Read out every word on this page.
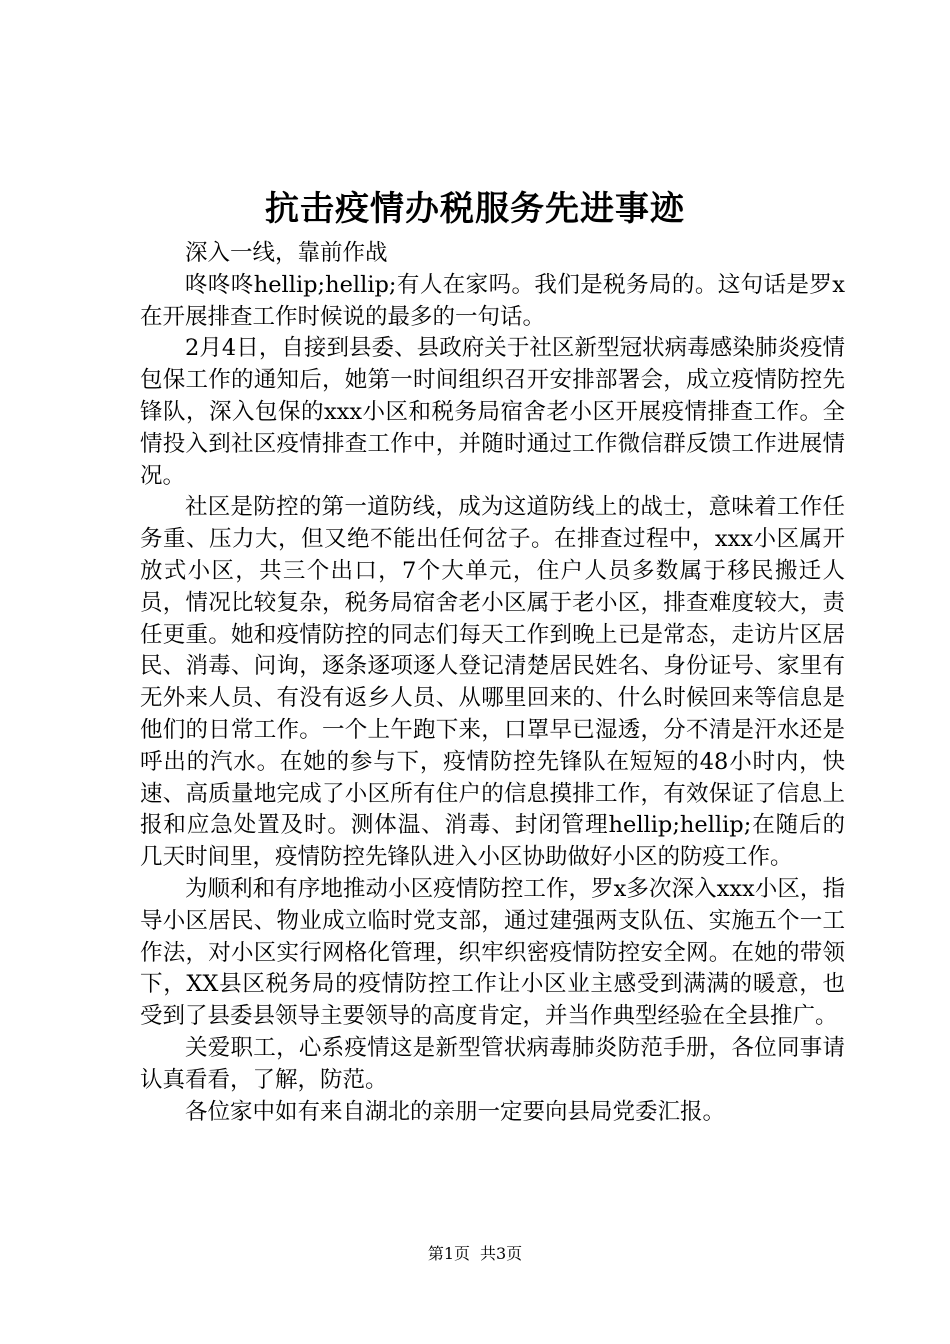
抗击疫情办税服务先进事迹

深入一线，靠前作战

咚咚咚hellip;hellip;有人在家吗。我们是税务局的。这句话是罗x在开展排查工作时候说的最多的一句话。

2月4日，自接到县委、县政府关于社区新型冠状病毒感染肺炎疫情包保工作的通知后，她第一时间组织召开安排部署会，成立疫情防控先锋队，深入包保的xxx小区和税务局宿舍老小区开展疫情排查工作。全情投入到社区疫情排查工作中，并随时通过工作微信群反馈工作进展情况。

社区是防控的第一道防线，成为这道防线上的战士，意味着工作任务重、压力大，但又绝不能出任何岔子。在排查过程中，xxx小区属开放式小区，共三个出口，7个大单元，住户人员多数属于移民搬迁人员，情况比较复杂，税务局宿舍老小区属于老小区，排查难度较大，责任更重。她和疫情防控的同志们每天工作到晚上已是常态，走访片区居民、消毒、问询，逐条逐项逐人登记清楚居民姓名、身份证号、家里有无外来人员、有没有返乡人员、从哪里回来的、什么时候回来等信息是他们的日常工作。一个上午跑下来，口罩早已湿透，分不清是汗水还是呼出的汽水。在她的参与下，疫情防控先锋队在短短的48小时内，快速、高质量地完成了小区所有住户的信息摸排工作，有效保证了信息上报和应急处置及时。测体温、消毒、封闭管理hellip;hellip;在随后的几天时间里，疫情防控先锋队进入小区协助做好小区的防疫工作。

为顺利和有序地推动小区疫情防控工作，罗x多次深入xxx小区，指导小区居民、物业成立临时党支部，通过建强两支队伍、实施五个一工作法，对小区实行网格化管理，织牢织密疫情防控安全网。在她的带领下，XX县区税务局的疫情防控工作让小区业主感受到满满的暖意，也受到了县委县领导主要领导的高度肯定，并当作典型经验在全县推广。

关爱职工，心系疫情这是新型管状病毒肺炎防范手册，各位同事请认真看看，了解，防范。

各位家中如有来自湖北的亲朋一定要向县局党委汇报。

第1页 共3页
